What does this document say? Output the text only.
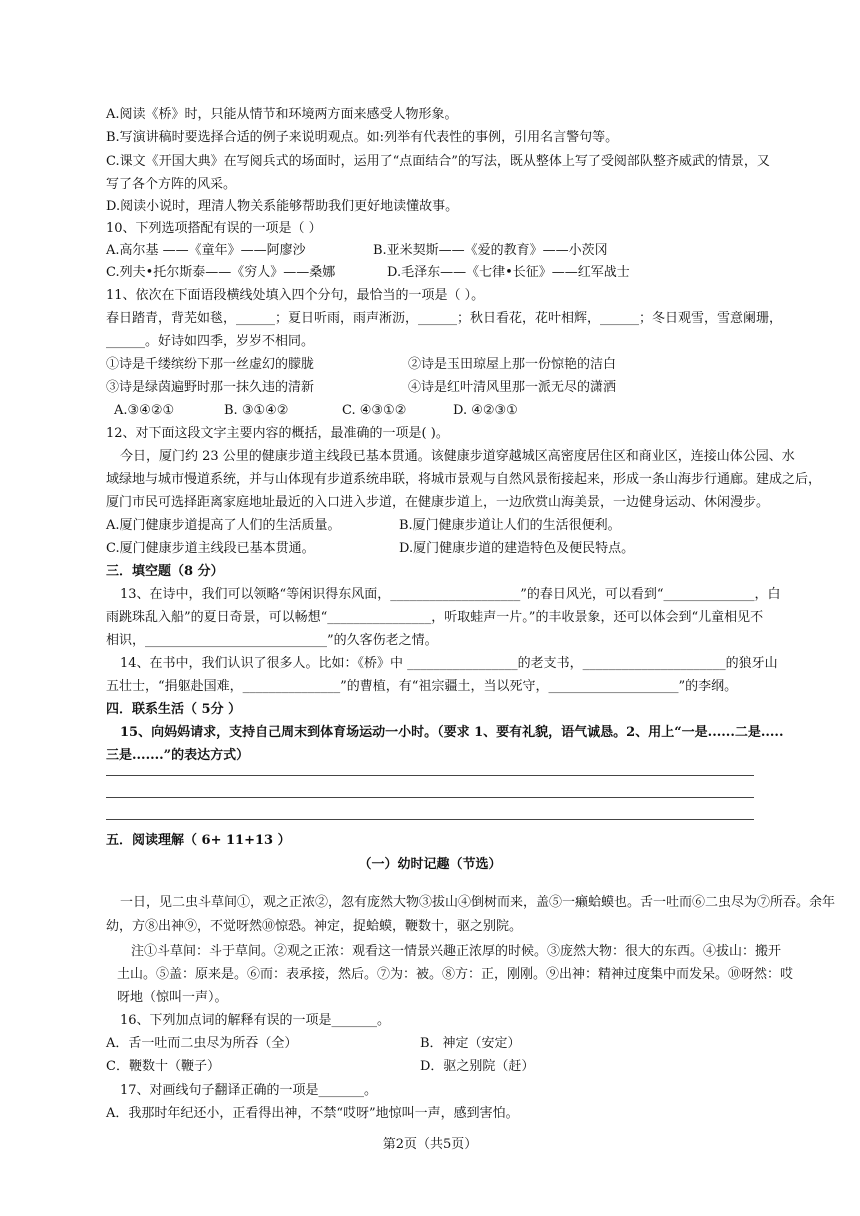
A.阅读《桥》时，只能从情节和环境两方面来感受人物形象。
B.写演讲稿时要选择合适的例子来说明观点。如:列举有代表性的事例，引用名言警句等。
C.课文《开国大典》在写阅兵式的场面时，运用了“点面结合”的写法，既从整体上写了受阅部队整齐威武的情景，又
写了各个方阵的风采。
D.阅读小说时，理清人物关系能够帮助我们更好地读懂故事。
10、下列选项搭配有误的一项是（ ）
A.高尔基 ——《童年》——阿廖沙	B.亚米契斯——《爱的教育》——小茨冈
C.列夫•托尔斯泰——《穷人》——桑娜	D.毛泽东——《七律•长征》——红军战士
11、依次在下面语段横线处填入四个分句，最恰当的一项是（ ）。
春日踏青，背芜如毯，______；夏日听雨，雨声淅沥，______；秋日看花，花叶相辉，______；冬日观雪，雪意阑珊，
______。好诗如四季，岁岁不相同。
①诗是千缕缤纷下那一丝虚幻的朦胧	②诗是玉田琼屋上那一份惊艳的洁白
③诗是绿茵遍野时那一抹久违的清新	④诗是红叶清风里那一派无尽的潇洒
A.③④②①	B. ③①④②	C. ④③①②	D. ④②③①
12、对下面这段文字主要内容的概括，最准确的一项是( )。
今日，厦门约 23 公里的健康步道主线段已基本贯通。该健康步道穿越城区高密度居住区和商业区，连接山体公园、水
域绿地与城市慢道系统，并与山体现有步道系统串联，将城市景观与自然风景衔接起来，形成一条山海步行通廊。建成之后，
厦门市民可选择距离家庭地址最近的入口进入步道，在健康步道上，一边欣赏山海美景，一边健身运动、休闲漫步。
A.厦门健康步道提高了人们的生活质量。	B.厦门健康步道让人们的生活很便利。
C.厦门健康步道主线段已基本贯通。	D.厦门健康步道的建造特色及便民特点。
三．填空题（8 分）
13、在诗中，我们可以领略“等闲识得东风面，____________________”的春日风光，可以看到“______________，白
雨跳珠乱入船”的夏日奇景，可以畅想“________________，听取蛙声一片。”的丰收景象，还可以体会到“儿童相见不
相识，____________________________”的久客伤老之情。
14、在书中，我们认识了很多人。比如：《桥》中 _________________的老支书，______________________的狼牙山
五壮士，“捐躯赴国难，_______________”的曹植，有“祖宗疆土，当以死守，____________________”的李纲。
四．联系生活（ 5分 ）
15、向妈妈请求，支持自己周末到体育场运动一小时。（要求 1、要有礼貌，语气诚恳。2、用上“一是......二是.....
三是.......”的表达方式）
五．阅读理解（ 6+ 11+13 ）
（一）幼时记趣（节选）
一日，见二虫斗草间①，观之正浓②，忽有庞然大物③拔山④倒树而来，盖⑤一癞蛤蟆也。舌一吐而⑥二虫尽为⑦所吞。余年
幼，方⑧出神⑨，不觉呀然⑩惊恐。神定，捉蛤蟆，鞭数十，驱之别院。
注①斗草间：斗于草间。②观之正浓：观看这一情景兴趣正浓厚的时候。③庞然大物：很大的东西。④拔山：搬开
土山。⑤盖：原来是。⑥而：表承接，然后。⑦为：被。⑧方：正，刚刚。⑨出神：精神过度集中而发呆。⑩呀然：哎
呀地（惊叫一声）。
16、下列加点词的解释有误的一项是_______。
A．舌一吐而二虫尽为所吞（全）	B．神定（安定）
C．鞭数十（鞭子）	D．驱之别院（赶）
17、对画线句子翻译正确的一项是_______。
A．我那时年纪还小，正看得出神，不禁“哎呀”地惊叫一声，感到害怕。
第2页（共5页）
